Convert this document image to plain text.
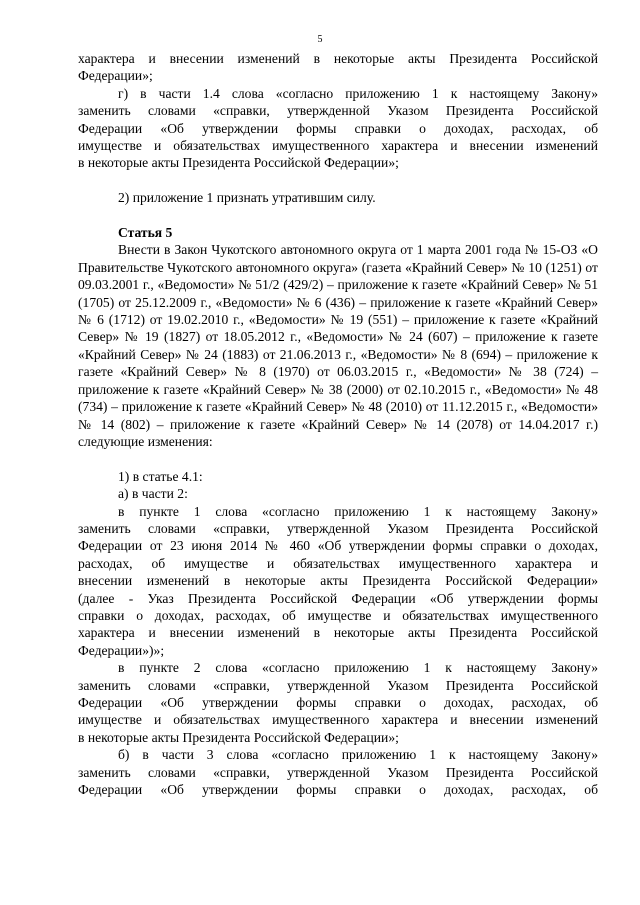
5

характера и внесении изменений в некоторые акты Президента Российской

Федерации»;

г) в части 1.4 слова «согласно приложению 1 к настоящему Закону»

заменить словами «справки, утвержденной Указом Президента Российской

Федерации «Об утверждении формы справки о доходах, расходах, об

имуществе и обязательствах имущественного характера и внесении изменений

в некоторые акты Президента Российской Федерации»;

2) приложение 1 признать утратившим силу.

Статья 5
Внести в Закон Чукотского автономного округа от 1 марта 2001 года № 15-ОЗ «О Правительстве Чукотского автономного округа» (газета «Крайний Север» № 10 (1251) от 09.03.2001 г., «Ведомости» № 51/2 (429/2) – приложение к газете «Крайний Север» № 51 (1705) от 25.12.2009 г., «Ведомости» № 6 (436) – приложение к газете «Крайний Север» № 6 (1712) от 19.02.2010 г., «Ведомости» № 19 (551) – приложение к газете «Крайний Север» № 19 (1827) от 18.05.2012 г., «Ведомости» № 24 (607) – приложение к газете «Крайний Север» № 24 (1883) от 21.06.2013 г., «Ведомости» № 8 (694) – приложение к газете «Крайний Север» № 8 (1970) от 06.03.2015 г., «Ведомости» № 38 (724) – приложение к газете «Крайний Север» № 38 (2000) от 02.10.2015 г., «Ведомости» № 48 (734) – приложение к газете «Крайний Север» № 48 (2010) от 11.12.2015 г., «Ведомости» № 14 (802) – приложение к газете «Крайний Север» № 14 (2078) от 14.04.2017 г.) следующие изменения:

1) в статье 4.1:

а) в части 2:

в пункте 1 слова «согласно приложению 1 к настоящему Закону»

заменить словами «справки, утвержденной Указом Президента Российской

Федерации от 23 июня 2014 № 460 «Об утверждении формы справки о доходах,

расходах, об имуществе и обязательствах имущественного характера и

внесении изменений в некоторые акты Президента Российской Федерации»

(далее - Указ Президента Российской Федерации «Об утверждении формы

справки о доходах, расходах, об имуществе и обязательствах имущественного

характера и внесении изменений в некоторые акты Президента Российской

Федерации»)»;

в пункте 2 слова «согласно приложению 1 к настоящему Закону»

заменить словами «справки, утвержденной Указом Президента Российской

Федерации «Об утверждении формы справки о доходах, расходах, об

имуществе и обязательствах имущественного характера и внесении изменений

в некоторые акты Президента Российской Федерации»;

б) в части 3 слова «согласно приложению 1 к настоящему Закону»

заменить словами «справки, утвержденной Указом Президента Российской

Федерации «Об утверждении формы справки о доходах, расходах, об
